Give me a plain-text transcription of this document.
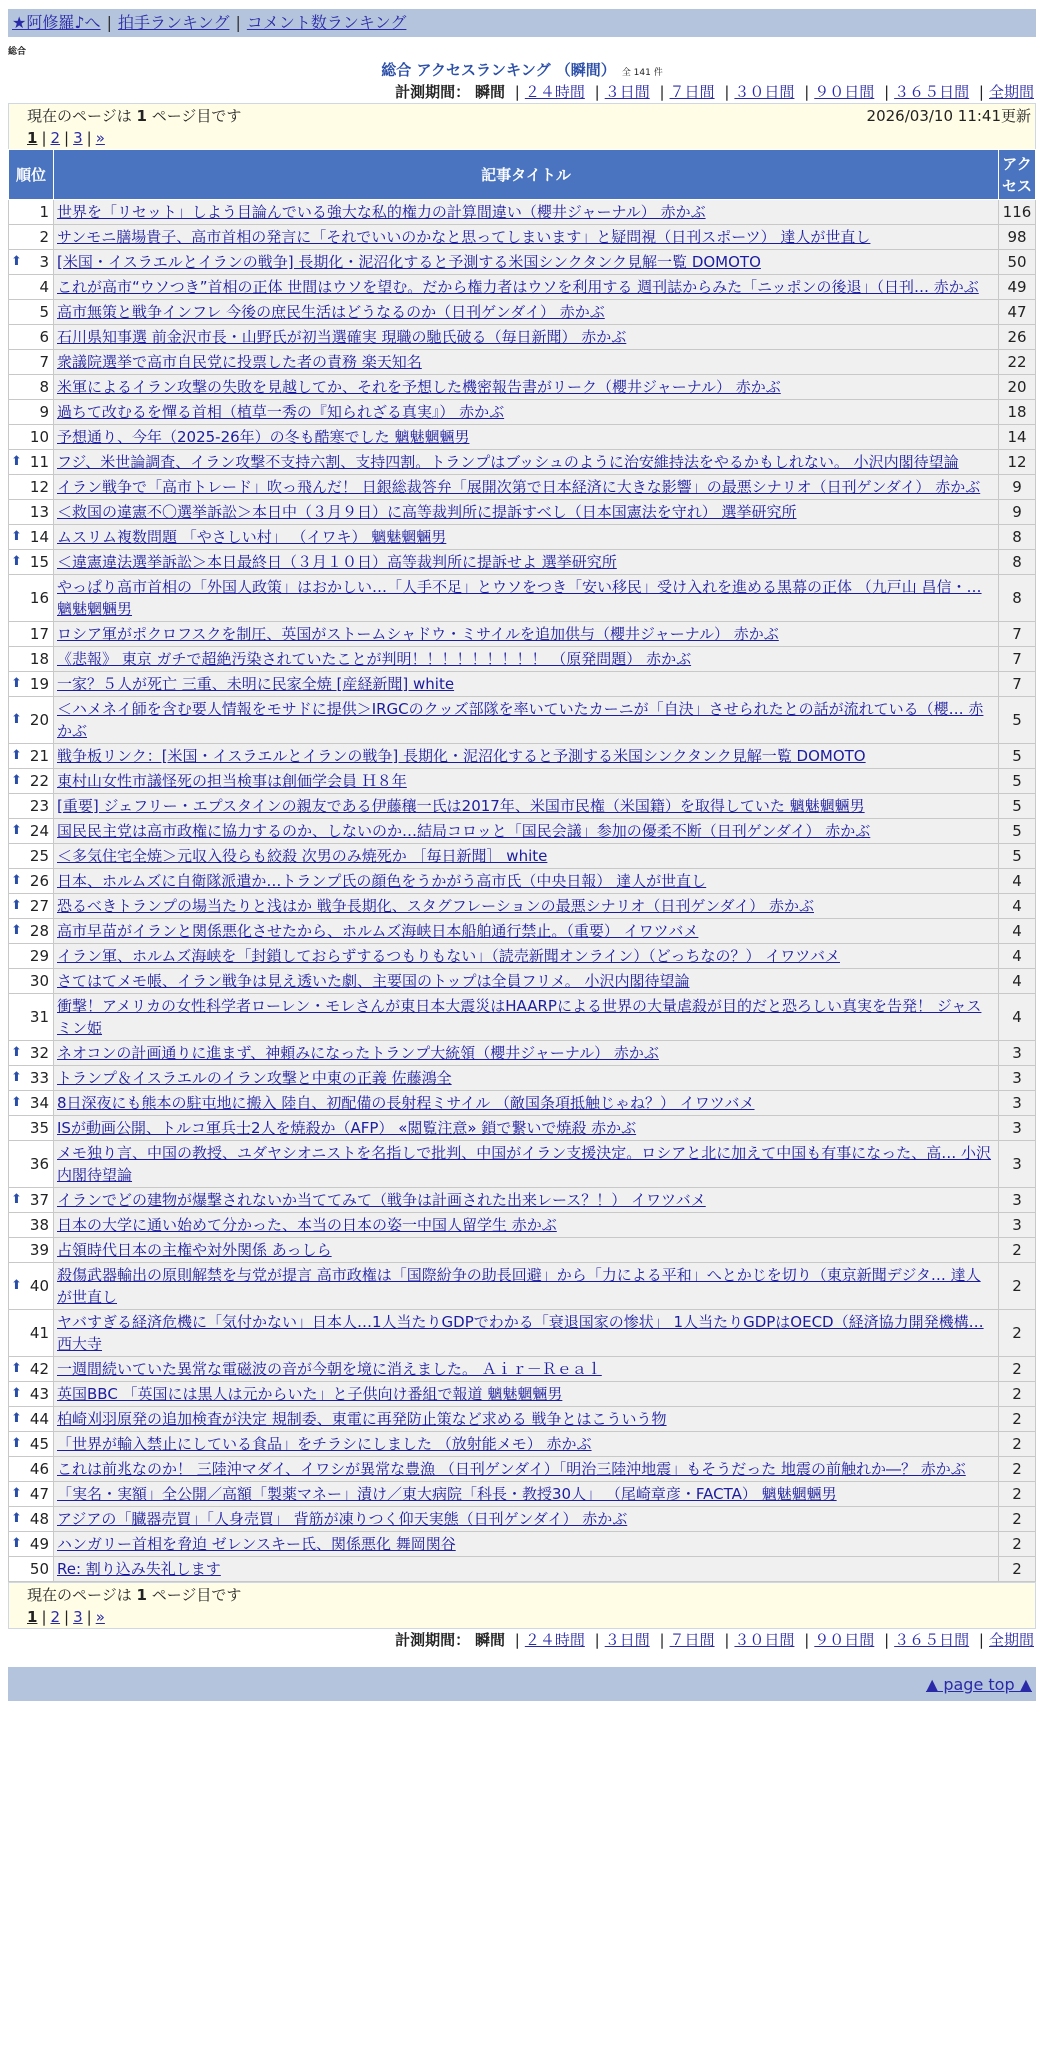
★阿修羅♪へ | 拍手ランキング | コメント数ランキング
総合
総合 アクセスランキング （瞬間） 全 141 件
計測期間： 瞬間 | ２４時間 | ３日間 | ７日間 | ３０日間 | ９０日間 | ３６５日間 | 全期間
現在のページは 1 ページ目です	2026/03/10 11:41更新
1 | 2 | 3 | »
順位	記事タイトル	アクセス
1	世界を「リセット」しよう目論んでいる強大な私的権力の計算間違い（櫻井ジャーナル） 赤かぶ	116
2	サンモニ膳場貴子、高市首相の発言に「それでいいのかなと思ってしまいます」と疑問視（日刊スポーツ） 達人が世直し	98

⬆ 3	[米国・イスラエルとイランの戦争] 長期化・泥沼化すると予測する米国シンクタンク見解一覧 DOMOTO	50
4	これが高市“ウソつき”首相の正体 世間はウソを望む。だから権力者はウソを利用する 週刊誌からみた「ニッポンの後退」（日刊… 赤かぶ	49
5	高市無策と戦争インフレ 今後の庶民生活はどうなるのか（日刊ゲンダイ） 赤かぶ	47
6	石川県知事選 前金沢市長・山野氏が初当選確実 現職の馳氏破る（毎日新聞） 赤かぶ	26
7	衆議院選挙で高市自民党に投票した者の責務 楽天知名	22
8	米軍によるイラン攻撃の失敗を見越してか、それを予想した機密報告書がリーク（櫻井ジャーナル） 赤かぶ	20
9	過ちて改むるを憚る首相（植草一秀の『知られざる真実』） 赤かぶ	18
10	予想通り、今年（2025-26年）の冬も酷寒でした 魑魅魍魎男	14

⬆ 11	フジ、米世論調査、イラン攻撃不支持六割、支持四割。トランプはブッシュのように治安維持法をやるかもしれない。 小沢内閣待望論	12
12	イラン戦争で「高市トレード」吹っ飛んだ！ 日銀総裁答弁「展開次第で日本経済に大きな影響」の最悪シナリオ（日刊ゲンダイ） 赤かぶ	9
13	＜救国の違憲不〇選挙訴訟＞本日中（３月９日）に高等裁判所に提訴すべし（日本国憲法を守れ） 選挙研究所	9

⬆ 14	ムスリム複数問題 「やさしい村」 （イワキ） 魑魅魍魎男	8

⬆ 15	＜違憲違法選挙訴訟＞本日最終日（３月１０日）高等裁判所に提訴せよ 選挙研究所	8
16	やっぱり高市首相の「外国人政策」はおかしい…「人手不足」とウソをつき「安い移民」受け入れを進める黒幕の正体 （九戸山 昌信・… 魑魅魍魎男	8
17	ロシア軍がポクロフスクを制圧、英国がストームシャドウ・ミサイルを追加供与（櫻井ジャーナル） 赤かぶ	7
18	《悲報》 東京 ガチで超絶汚染されていたことが判明！！！！！！！！！ （原発問題） 赤かぶ	7

⬆ 19	一家？５人が死亡 三重、未明に民家全焼 [産経新聞] white	7

⬆ 20	＜ハメネイ師を含む要人情報をモサドに提供＞IRGCのクッズ部隊を率いていたカーニが「自決」させられたとの話が流れている（櫻… 赤かぶ	5

⬆ 21	戦争板リンク：[米国・イスラエルとイランの戦争] 長期化・泥沼化すると予測する米国シンクタンク見解一覧 DOMOTO	5

⬆ 22	東村山女性市議怪死の担当検事は創価学会員 Ｈ８年	5
23	[重要] ジェフリー・エプスタインの親友である伊藤穰一氏は2017年、米国市民権（米国籍）を取得していた 魑魅魍魎男	5

⬆ 24	国民民主党は高市政権に協力するのか、しないのか…結局コロッと「国民会議」参加の優柔不断（日刊ゲンダイ） 赤かぶ	5
25	＜多気住宅全焼＞元収入役らも絞殺 次男のみ焼死か ［毎日新聞］ white	5

⬆ 26	日本、ホルムズに自衛隊派遣か…トランプ氏の顔色をうかがう高市氏（中央日報） 達人が世直し	4

⬆ 27	恐るべきトランプの場当たりと浅はか 戦争長期化、スタグフレーションの最悪シナリオ（日刊ゲンダイ） 赤かぶ	4

⬆ 28	高市早苗がイランと関係悪化させたから、ホルムズ海峡日本船舶通行禁止。（重要） イワツバメ	4
29	イラン軍、ホルムズ海峡を「封鎖しておらずするつもりもない」（読売新聞オンライン）（どっちなの？） イワツバメ	4
30	さてはてメモ帳、イラン戦争は見え透いた劇、主要国のトップは全員フリメ。 小沢内閣待望論	4
31	衝撃！アメリカの女性科学者ローレン・モレさんが東日本大震災はHAARPによる世界の大量虐殺が目的だと恐ろしい真実を告発！ ジャスミン姫	4

⬆ 32	ネオコンの計画通りに進まず、神頼みになったトランプ大統領（櫻井ジャーナル） 赤かぶ	3

⬆ 33	トランプ＆イスラエルのイラン攻撃と中東の正義 佐藤鴻全	3

⬆ 34	8日深夜にも熊本の駐屯地に搬入 陸自、初配備の長射程ミサイル （敵国条項抵触じゃね？） イワツバメ	3
35	ISが動画公開、トルコ軍兵士2人を焼殺か（AFP） «閲覧注意» 鎖で繋いで焼殺 赤かぶ	3
36	メモ独り言、中国の教授、ユダヤシオニストを名指しで批判、中国がイラン支援決定。ロシアと北に加えて中国も有事になった、高… 小沢内閣待望論	3

⬆ 37	イランでどの建物が爆撃されないか当ててみて（戦争は計画された出来レース？！） イワツバメ	3
38	日本の大学に通い始めて分かった、本当の日本の姿一中国人留学生 赤かぶ	3
39	占領時代日本の主権や対外関係 あっしら	2

⬆ 40	殺傷武器輸出の原則解禁を与党が提言 高市政権は「国際紛争の助長回避」から「力による平和」へとかじを切り（東京新聞デジタ… 達人が世直し	2
41	ヤバすぎる経済危機に「気付かない」日本人…1人当たりGDPでわかる「衰退国家の惨状」 1人当たりGDPはOECD（経済協力開発機構… 西大寺	2

⬆ 42	一週間続いていた異常な電磁波の音が今朝を境に消えました。 Ａｉｒ－Ｒｅａｌ	2

⬆ 43	英国BBC 「英国には黒人は元からいた」と子供向け番組で報道 魑魅魍魎男	2

⬆ 44	柏崎刈羽原発の追加検査が決定 規制委、東電に再発防止策など求める 戦争とはこういう物	2

⬆ 45	「世界が輸入禁止にしている食品」をチラシにしました （放射能メモ） 赤かぶ	2
46	これは前兆なのか！ 三陸沖マダイ、イワシが異常な豊漁 （日刊ゲンダイ）「明治三陸沖地震」もそうだった 地震の前触れか―？ 赤かぶ	2

⬆ 47	「実名・実額」全公開／高額「製薬マネー」漬け／東大病院「科長・教授30人」 （尾崎章彦・FACTA） 魑魅魍魎男	2

⬆ 48	アジアの「臓器売買」「人身売買」 背筋が凍りつく仰天実態（日刊ゲンダイ） 赤かぶ	2

⬆ 49	ハンガリー首相を脅迫 ゼレンスキー氏、関係悪化 舞岡関谷	2
50	Re: 割り込み失礼します	2
現在のページは 1 ページ目です
1 | 2 | 3 | »
計測期間： 瞬間 | ２４時間 | ３日間 | ７日間 | ３０日間 | ９０日間 | ３６５日間 | 全期間
▲ page top ▲
